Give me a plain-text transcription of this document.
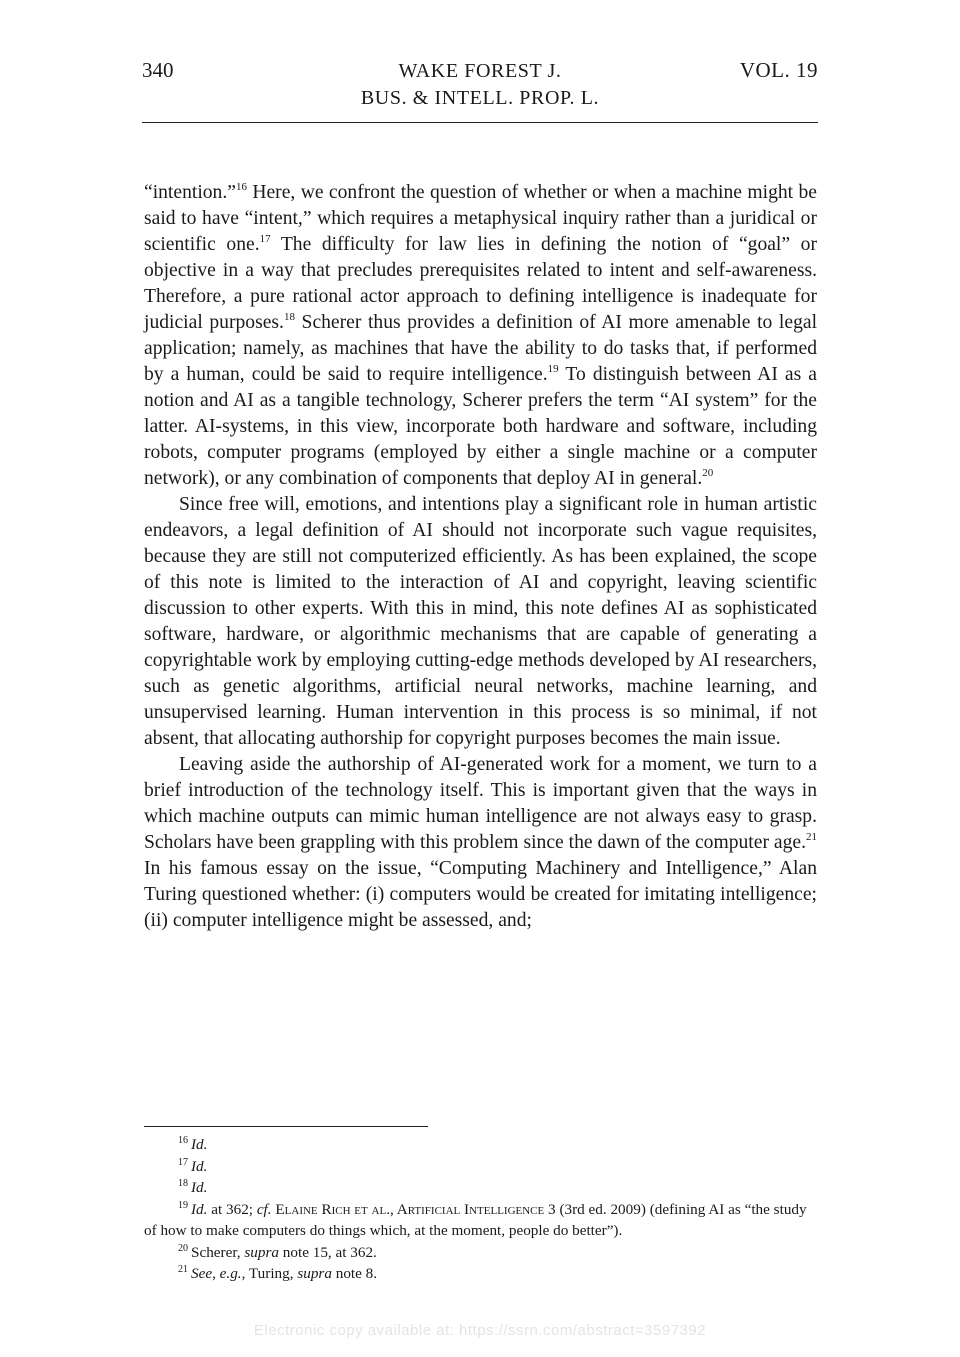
340	WAKE FOREST J.
BUS. & INTELL. PROP. L.
VOL. 19

“intention.”$^{16}$ Here, we confront the question of whether or when a machine might be said to have “intent,” which requires a metaphysical inquiry rather than a juridical or scientific one.$^{17}$ The difficulty for law lies in defining the notion of “goal” or objective in a way that precludes prerequisites related to intent and self-awareness. Therefore, a pure rational actor approach to defining intelligence is inadequate for judicial purposes.$^{18}$ Scherer thus provides a definition of AI more amenable to legal application; namely, as machines that have the ability to do tasks that, if performed by a human, could be said to require intelligence.$^{19}$ To distinguish between AI as a notion and AI as a tangible technology, Scherer prefers the term “AI system” for the latter. AI-systems, in this view, incorporate both hardware and software, including robots, computer programs (employed by either a single machine or a computer network), or any combination of components that deploy AI in general.$^{20}$

Since free will, emotions, and intentions play a significant role in human artistic endeavors, a legal definition of AI should not incorporate such vague requisites, because they are still not computerized efficiently. As has been explained, the scope of this note is limited to the interaction of AI and copyright, leaving scientific discussion to other experts. With this in mind, this note defines AI as sophisticated software, hardware, or algorithmic mechanisms that are capable of generating a copyrightable work by employing cutting-edge methods developed by AI researchers, such as genetic algorithms, artificial neural networks, machine learning, and unsupervised learning. Human intervention in this process is so minimal, if not absent, that allocating authorship for copyright purposes becomes the main issue.

Leaving aside the authorship of AI-generated work for a moment, we turn to a brief introduction of the technology itself. This is important given that the ways in which machine outputs can mimic human intelligence are not always easy to grasp. Scholars have been grappling with this problem since the dawn of the computer age.$^{21}$ In his famous essay on the issue, “Computing Machinery and Intelligence,” Alan Turing questioned whether: (i) computers would be created for imitating intelligence; (ii) computer intelligence might be assessed, and;

$^{16}$ Id.

$^{17}$ Id.

$^{18}$ Id.

$^{19}$ Id. at 362; cf. Elaine Rich et al., Artificial Intelligence 3 (3rd ed. 2009) (defining AI as “the study of how to make computers do things which, at the moment, people do better”).

$^{20}$ Scherer, supra note 15, at 362.

$^{21}$ See, e.g., Turing, supra note 8.

Electronic copy available at: https://ssrn.com/abstract=3597392
